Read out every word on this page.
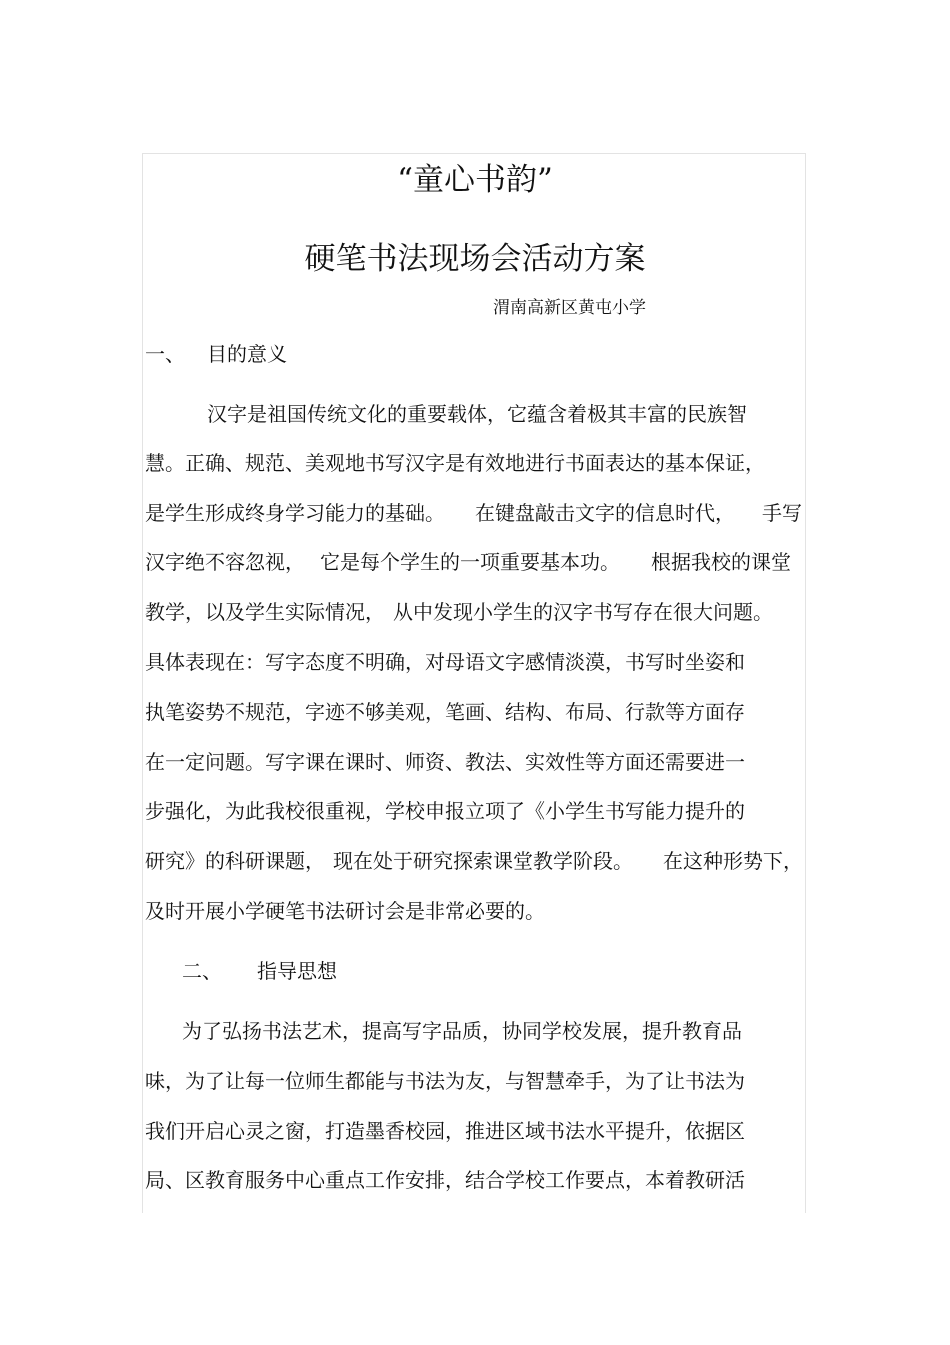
“童心书韵”
硬笔书法现场会活动方案
渭南高新区黄屯小学
一、 目的意义
汉字是祖国传统文化的重要载体，它蕴含着极其丰富的民族智
慧。正确、规范、美观地书写汉字是有效地进行书面表达的基本保证，
是学生形成终身学习能力的基础。 在键盘敲击文字的信息时代， 手写
汉字绝不容忽视， 它是每个学生的一项重要基本功。 根据我校的课堂
教学，以及学生实际情况， 从中发现小学生的汉字书写存在很大问题。
具体表现在：写字态度不明确，对母语文字感情淡漠，书写时坐姿和
执笔姿势不规范，字迹不够美观，笔画、结构、布局、行款等方面存
在一定问题。写字课在课时、师资、教法、实效性等方面还需要进一
步强化，为此我校很重视，学校申报立项了《小学生书写能力提升的
研究》的科研课题， 现在处于研究探索课堂教学阶段。 在这种形势下，
及时开展小学硬笔书法研讨会是非常必要的。
二、 指导思想
为了弘扬书法艺术，提高写字品质，协同学校发展，提升教育品
味，为了让每一位师生都能与书法为友，与智慧牵手，为了让书法为
我们开启心灵之窗，打造墨香校园，推进区域书法水平提升，依据区
局、区教育服务中心重点工作安排，结合学校工作要点，本着教研活
